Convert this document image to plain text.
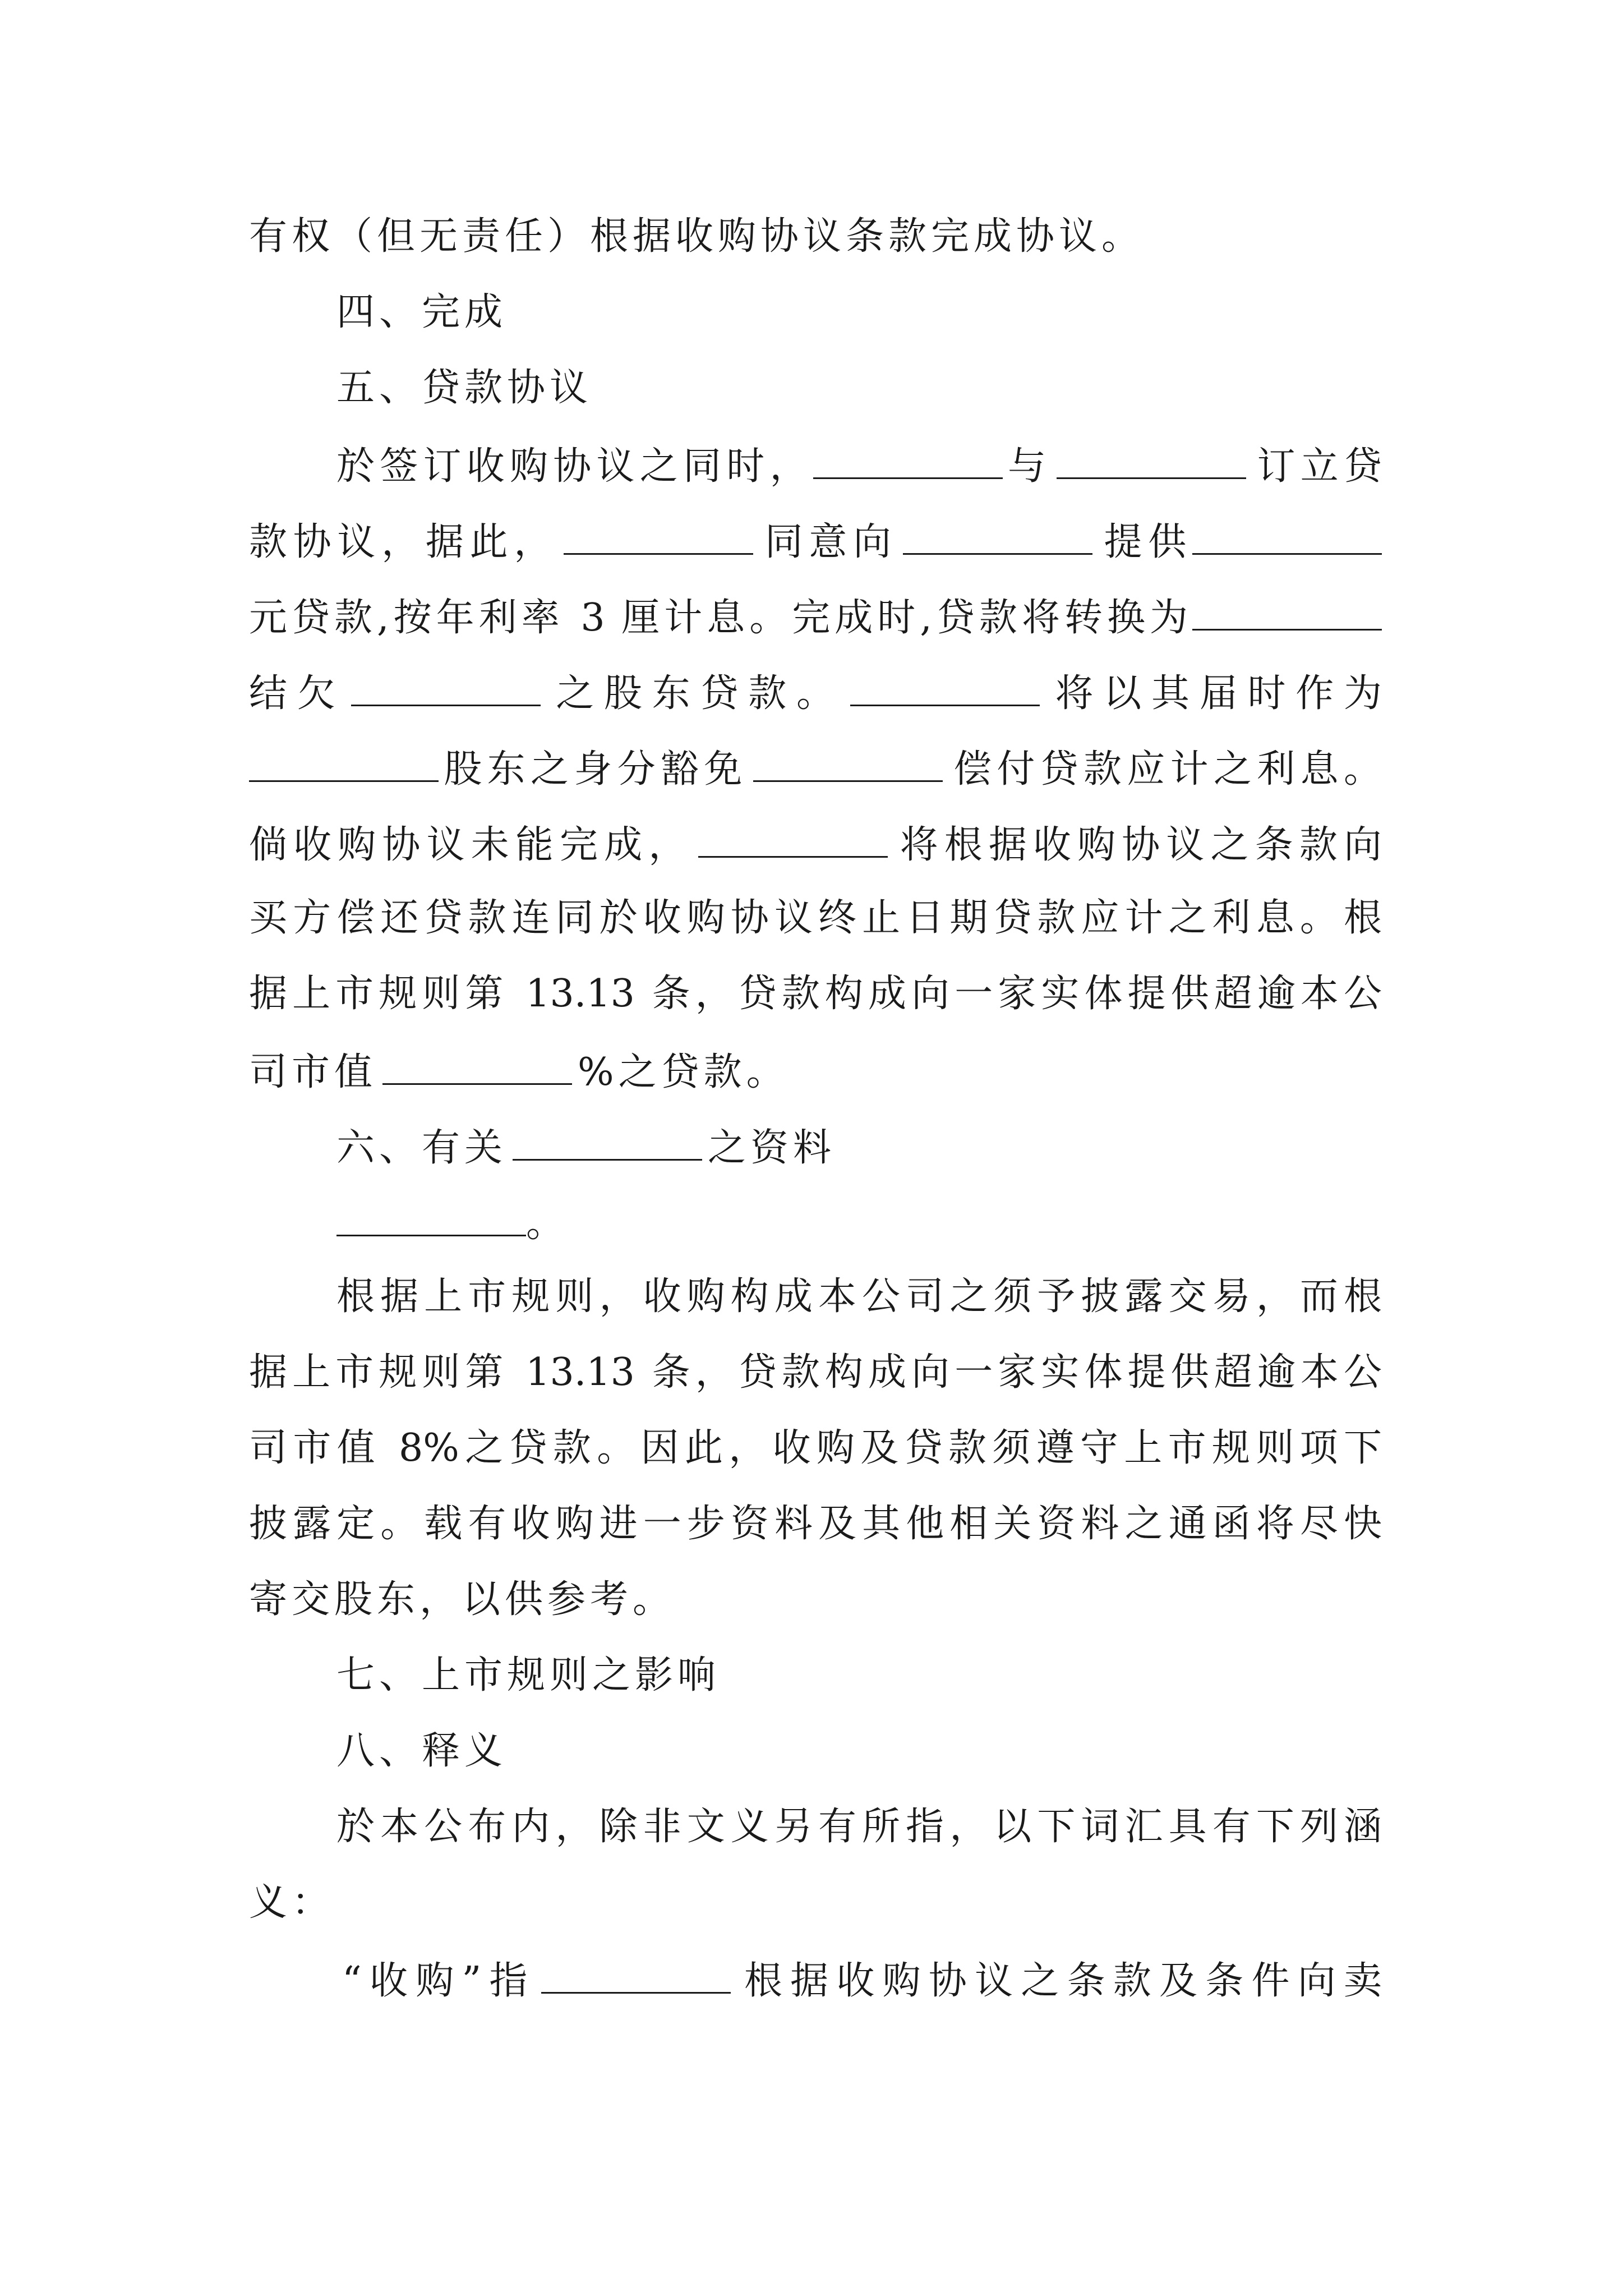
有权（但无责任）根据收购协议条款完成协议。

四、完成

五、贷款协议

於签订收购协议之同时，	与	订立贷

款协议，据此，	同意向	提供

元贷款,按年利率 3 厘计息。完成时,贷款将转换为

结欠	之股东贷款。	将以其届时作为

股东之身分豁免	偿付贷款应计之利息。

倘收购协议未能完成，	将根据收购协议之条款向

买方偿还贷款连同於收购协议终止日期贷款应计之利息。根

据上市规则第 13.13 条，贷款构成向一家实体提供超逾本公

司市值	%之贷款。

六、有关	之资料

。

根据上市规则，收购构成本公司之须予披露交易，而根

据上市规则第 13.13 条，贷款构成向一家实体提供超逾本公

司市值 8%之贷款。因此，收购及贷款须遵守上市规则项下

披露定。载有收购进一步资料及其他相关资料之通函将尽快

寄交股东，以供参考。

七、上市规则之影响

八、释义

於本公布内，除非文义另有所指，以下词汇具有下列涵

义：

“收购”指	根据收购协议之条款及条件向卖
